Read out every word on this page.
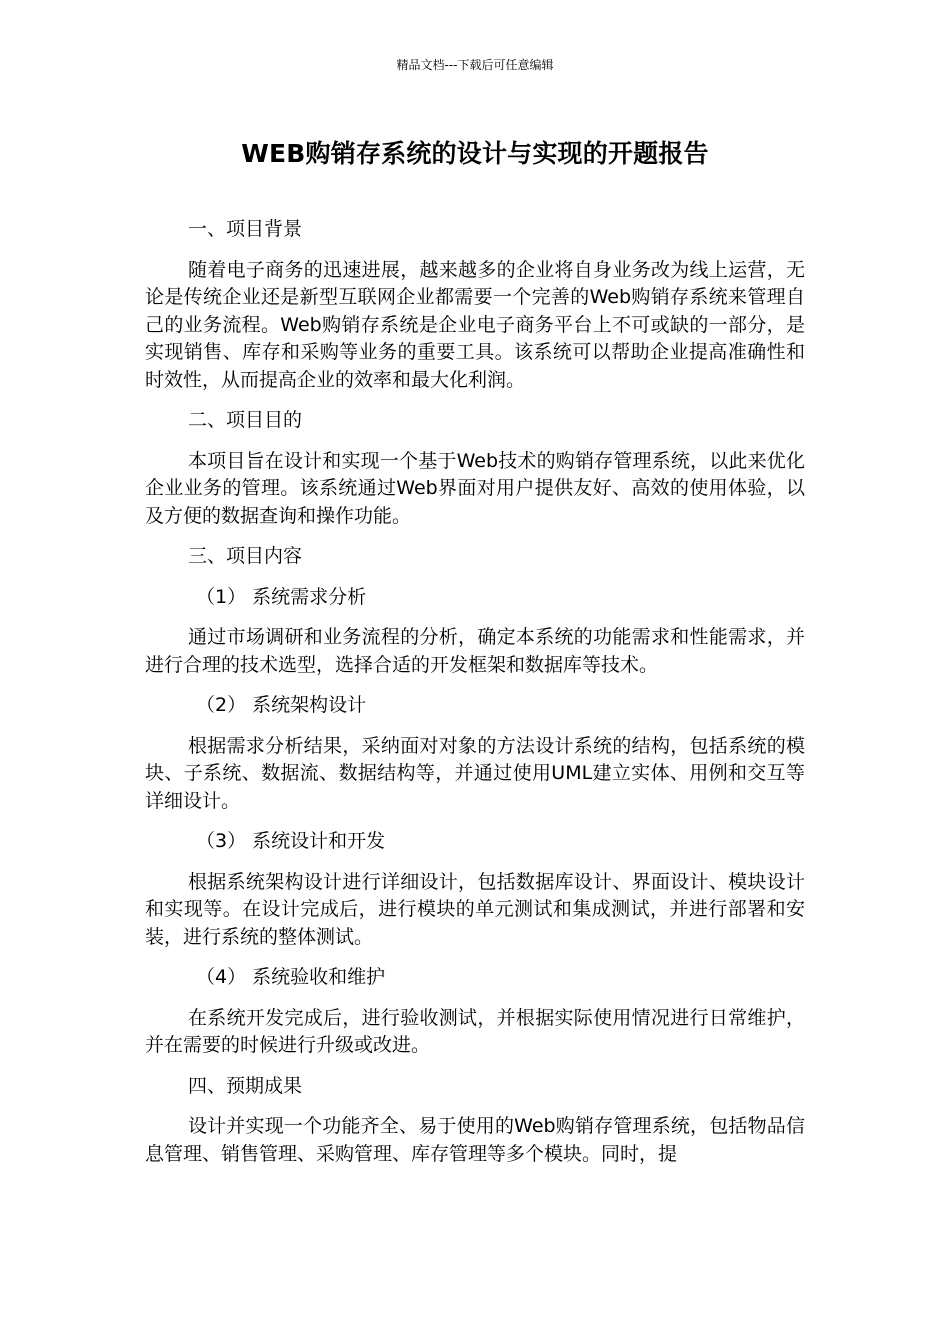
精品文档---下载后可任意编辑
WEB购销存系统的设计与实现的开题报告
一、项目背景
随着电子商务的迅速进展，越来越多的企业将自身业务改为线上运营，无论是传统企业还是新型互联网企业都需要一个完善的Web购销存系统来管理自己的业务流程。Web购销存系统是企业电子商务平台上不可或缺的一部分，是实现销售、库存和采购等业务的重要工具。该系统可以帮助企业提高准确性和时效性，从而提高企业的效率和最大化利润。
二、项目目的
本项目旨在设计和实现一个基于Web技术的购销存管理系统，以此来优化企业业务的管理。该系统通过Web界面对用户提供友好、高效的使用体验，以及方便的数据查询和操作功能。
三、项目内容
（1） 系统需求分析
通过市场调研和业务流程的分析，确定本系统的功能需求和性能需求，并进行合理的技术选型，选择合适的开发框架和数据库等技术。
（2） 系统架构设计
根据需求分析结果，采纳面对对象的方法设计系统的结构，包括系统的模块、子系统、数据流、数据结构等，并通过使用UML建立实体、用例和交互等详细设计。
（3） 系统设计和开发
根据系统架构设计进行详细设计，包括数据库设计、界面设计、模块设计和实现等。在设计完成后，进行模块的单元测试和集成测试，并进行部署和安装，进行系统的整体测试。
（4） 系统验收和维护
在系统开发完成后，进行验收测试，并根据实际使用情况进行日常维护，并在需要的时候进行升级或改进。
四、预期成果
设计并实现一个功能齐全、易于使用的Web购销存管理系统，包括物品信息管理、销售管理、采购管理、库存管理等多个模块。同时，提
